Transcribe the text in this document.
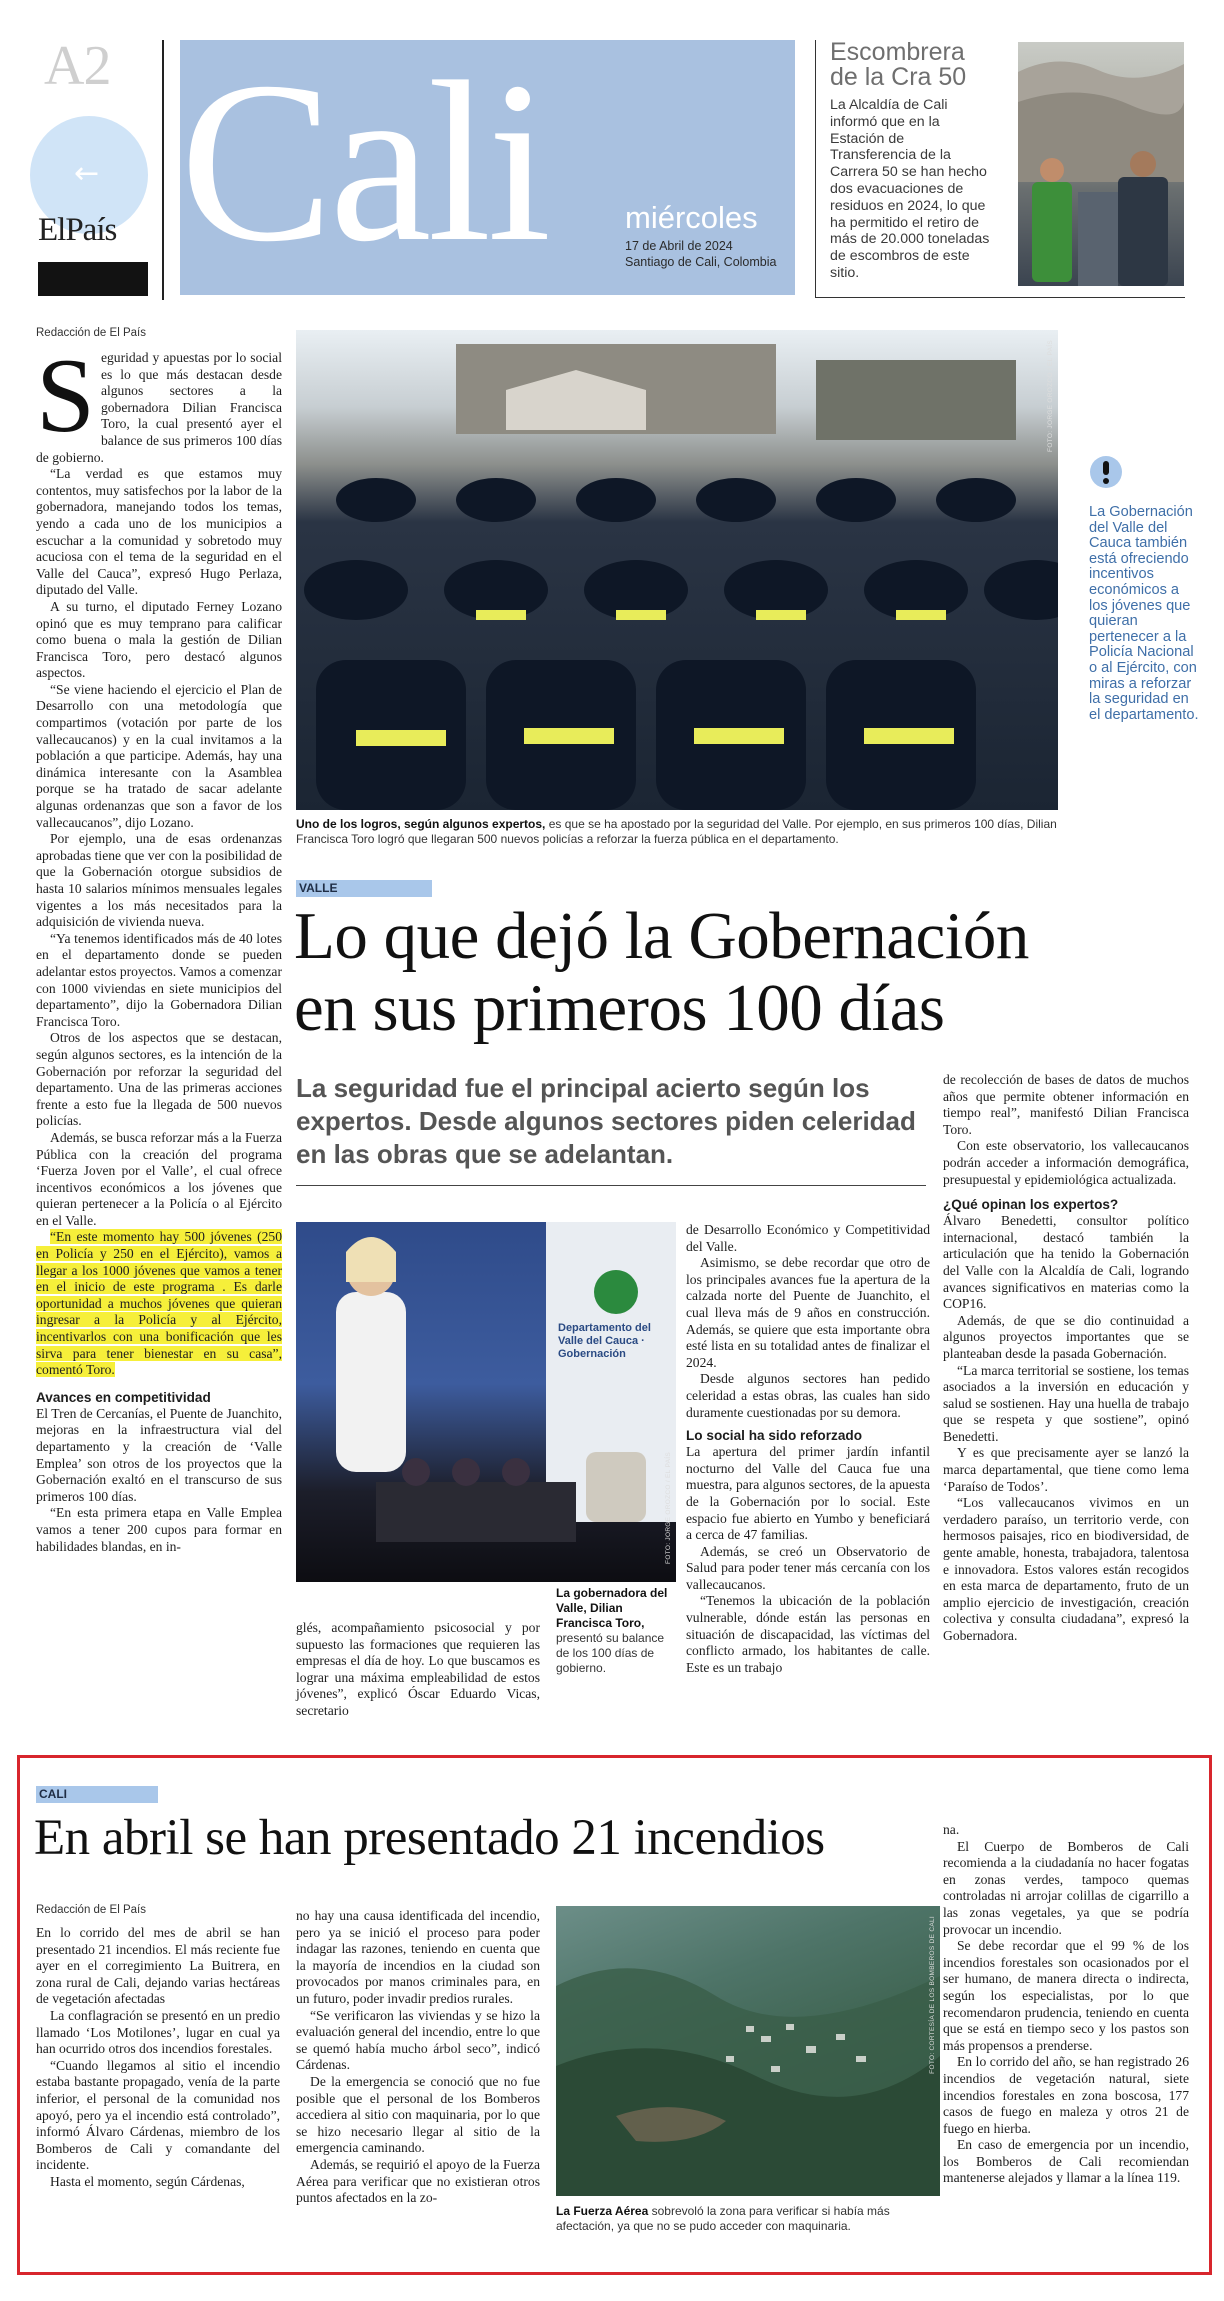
A2
←
ElPaís Cali	miércoles
17 de Abril de 2024
Santiago de Cali, Colombia
Escombrera
de la Cra 50
La Alcaldía de Cali informó que en la Estación de Transferencia de la Carrera 50 se han hecho dos evacuaciones de residuos en 2024, lo que ha permitido el retiro de más de 20.000 toneladas de escombros de este sitio.
Redacción de El País
S eguridad y apuestas por lo social es lo que más destacan desde algunos sectores a la gobernadora Dilian Francisca Toro, la cual presentó ayer el balance de sus primeros 100 días de gobierno.

“La verdad es que estamos muy contentos, muy satisfechos por la labor de la gobernadora, manejando todos los temas, yendo a cada uno de los municipios a escuchar a la comunidad y sobretodo muy acuciosa con el tema de la seguridad en el Valle del Cauca”, expresó Hugo Perlaza, diputado del Valle.

A su turno, el diputado Ferney Lozano opinó que es muy temprano para calificar como buena o mala la gestión de Dilian Francisca Toro, pero destacó algunos aspectos.

“Se viene haciendo el ejercicio el Plan de Desarrollo con una metodología que compartimos (votación por parte de los vallecaucanos) y en la cual invitamos a la población a que participe. Además, hay una dinámica interesante con la Asamblea porque se ha tratado de sacar adelante algunas ordenanzas que son a favor de los vallecaucanos”, dijo Lozano.

Por ejemplo, una de esas ordenanzas aprobadas tiene que ver con la posibilidad de que la Gobernación otorgue subsidios de hasta 10 salarios mínimos mensuales legales vigentes a los más necesitados para la adquisición de vivienda nueva.

“Ya tenemos identificados más de 40 lotes en el departamento donde se pueden adelantar estos proyectos. Vamos a comenzar con 1000 viviendas en siete municipios del departamento”, dijo la Gobernadora Dilian Francisca Toro.

Otros de los aspectos que se destacan, según algunos sectores, es la intención de la Gobernación por reforzar la seguridad del departamento. Una de las primeras acciones frente a esto fue la llegada de 500 nuevos policías.

Además, se busca reforzar más a la Fuerza Pública con la creación del programa ‘Fuerza Joven por el Valle’, el cual ofrece incentivos económicos a los jóvenes que quieran pertenecer a la Policía o al Ejército en el Valle.

“En este momento hay 500 jóvenes (250 en Policía y 250 en el Ejército), vamos a llegar a los 1000 jóvenes que vamos a tener en el inicio de este programa . Es darle oportunidad a muchos jóvenes que quieran ingresar a la Policía y al Ejército, incentivarlos con una bonificación que les sirva para tener bienestar en su casa”, comentó Toro.

Avances en competitividad

El Tren de Cercanías, el Puente de Juanchito, mejoras en la infraestructura vial del departamento y la creación de ‘Valle Emplea’ son otros de los proyectos que la Gobernación exaltó en el transcurso de sus primeros 100 días.

“En esta primera etapa en Valle Emplea vamos a tener 200 cupos para formar en habilidades blandas, en in-

FOTO: JORGE OROZCO / EL PAÍS
Uno de los logros, según algunos expertos, es que se ha apostado por la seguridad del Valle. Por ejemplo, en sus primeros 100 días, Dilian Francisca Toro logró que llegaran 500 nuevos policías a reforzar la fuerza pública en el departamento.
La Gobernación del Valle del Cauca también está ofreciendo incentivos económicos a los jóvenes que quieran pertenecer a la Policía Nacional o al Ejército, con miras a reforzar la seguridad en el departamento.
VALLE
Lo que dejó la Gobernación
en sus primeros 100 días
La seguridad fue el principal acierto según los expertos. Desde algunos sectores piden celeridad en las obras que se adelantan.
Departamento del Valle del Cauca · Gobernación
FOTO: JORGE OROZCO / EL PAÍS
La gobernadora del Valle, Dilian Francisca Toro, presentó su balance de los 100 días de gobierno.

glés, acompañamiento psicosocial y por supuesto las formaciones que requieren las empresas el día de hoy. Lo que buscamos es lograr una máxima empleabilidad de estos jóvenes”, explicó Óscar Eduardo Vicas, secretario

de Desarrollo Económico y Competitividad del Valle.

Asimismo, se debe recordar que otro de los principales avances fue la apertura de la calzada norte del Puente de Juanchito, el cual lleva más de 9 años en construcción. Además, se quiere que esta importante obra esté lista en su totalidad antes de finalizar el 2024.

Desde algunos sectores han pedido celeridad a estas obras, las cuales han sido duramente cuestionadas por su demora.

Lo social ha sido reforzado

La apertura del primer jardín infantil nocturno del Valle del Cauca fue una muestra, para algunos sectores, de la apuesta de la Gobernación por lo social. Este espacio fue abierto en Yumbo y beneficiará a cerca de 47 familias.

Además, se creó un Observatorio de Salud para poder tener más cercanía con los vallecaucanos.

“Tenemos la ubicación de la población vulnerable, dónde están las personas en situación de discapacidad, las víctimas del conflicto armado, los habitantes de calle. Este es un trabajo

de recolección de bases de datos de muchos años que permite obtener información en tiempo real”, manifestó Dilian Francisca Toro.

Con este observatorio, los vallecaucanos podrán acceder a información demográfica, presupuestal y epidemiológica actualizada.

¿Qué opinan los expertos?

Álvaro Benedetti, consultor político internacional, destacó también la articulación que ha tenido la Gobernación del Valle con la Alcaldía de Cali, logrando avances significativos en materias como la COP16.

Además, de que se dio continuidad a algunos proyectos importantes que se planteaban desde la pasada Gobernación.

“La marca territorial se sostiene, los temas asociados a la inversión en educación y salud se sostienen. Hay una huella de trabajo que se respeta y que sostiene”, opinó Benedetti.

Y es que precisamente ayer se lanzó la marca departamental, que tiene como lema ‘Paraíso de Todos’.

“Los vallecaucanos vivimos en un verdadero paraíso, un territorio verde, con hermosos paisajes, rico en biodiversidad, de gente amable, honesta, trabajadora, talentosa e innovadora. Estos valores están recogidos en esta marca de departamento, fruto de un amplio ejercicio de investigación, creación colectiva y consulta ciudadana”, expresó la Gobernadora.

CALI
En abril se han presentado 21 incendios
Redacción de El País

En lo corrido del mes de abril se han presentado 21 incendios. El más reciente fue ayer en el corregimiento La Buitrera, en zona rural de Cali, dejando varias hectáreas de vegetación afectadas

La conflagración se presentó en un predio llamado ‘Los Motilones’, lugar en cual ya han ocurrido otros dos incendios forestales.

“Cuando llegamos al sitio el incendio estaba bastante propagado, venía de la parte inferior, el personal de la comunidad nos apoyó, pero ya el incendio está controlado”, informó Álvaro Cárdenas, miembro de los Bomberos de Cali y comandante del incidente.

Hasta el momento, según Cárdenas,

no hay una causa identificada del incendio, pero ya se inició el proceso para poder indagar las razones, teniendo en cuenta que la mayoría de incendios en la ciudad son provocados por manos criminales para, en un futuro, poder invadir predios rurales.

“Se verificaron las viviendas y se hizo la evaluación general del incendio, entre lo que se quemó había mucho árbol seco”, indicó Cárdenas.

De la emergencia se conoció que no fue posible que el personal de los Bomberos accediera al sitio con maquinaria, por lo que se hizo necesario llegar al sitio de la emergencia caminando.

Además, se requirió el apoyo de la Fuerza Aérea para verificar que no existieran otros puntos afectados en la zo-

FOTO: CORTESÍA DE LOS BOMBEROS DE CALI
La Fuerza Aérea sobrevoló la zona para verificar si había más afectación, ya que no se pudo acceder con maquinaria.

na.

El Cuerpo de Bomberos de Cali recomienda a la ciudadanía no hacer fogatas en zonas verdes, tampoco quemas controladas ni arrojar colillas de cigarrillo a las zonas vegetales, ya que se podría provocar un incendio.

Se debe recordar que el 99 % de los incendios forestales son ocasionados por el ser humano, de manera directa o indirecta, según los especialistas, por lo que recomendaron prudencia, teniendo en cuenta que se está en tiempo seco y los pastos son más propensos a prenderse.

En lo corrido del año, se han registrado 26 incendios de vegetación natural, siete incendios forestales en zona boscosa, 177 casos de fuego en maleza y otros 21 de fuego en hierba.

En caso de emergencia por un incendio, los Bomberos de Cali recomiendan mantenerse alejados y llamar a la línea 119.
